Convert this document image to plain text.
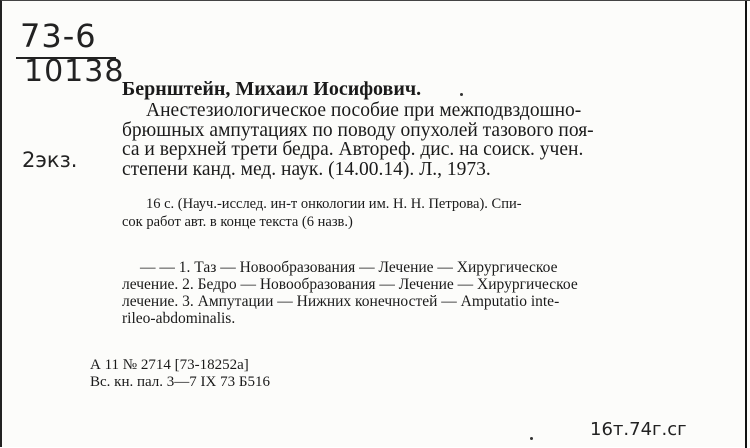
73-6
10138
2экз.
Бернштейн, Михаил Иосифович.
Анестезиологическое пособие при межподвздошно-
брюшных ампутациях по поводу опухолей тазового поя-
са и верхней трети бедра. Автореф. дис. на соиск. учен.
степени канд. мед. наук. (14.00.14). Л., 1973.
16 с. (Науч.-исслед. ин-т онкологии им. Н. Н. Петрова). Спи-
сок работ авт. в конце текста (6 назв.)
— — 1. Таз — Новообразования — Лечение — Хирургическое
лечение. 2. Бедро — Новообразования — Лечение — Хирургическое
лечение. 3. Ампутации — Нижних конечностей — Amputatio inte-
rileo-abdominalis.
А 11 № 2714 [73-18252а]
Вс. кн. пал. 3—7 IX 73 Б516
16т.74г.сг
